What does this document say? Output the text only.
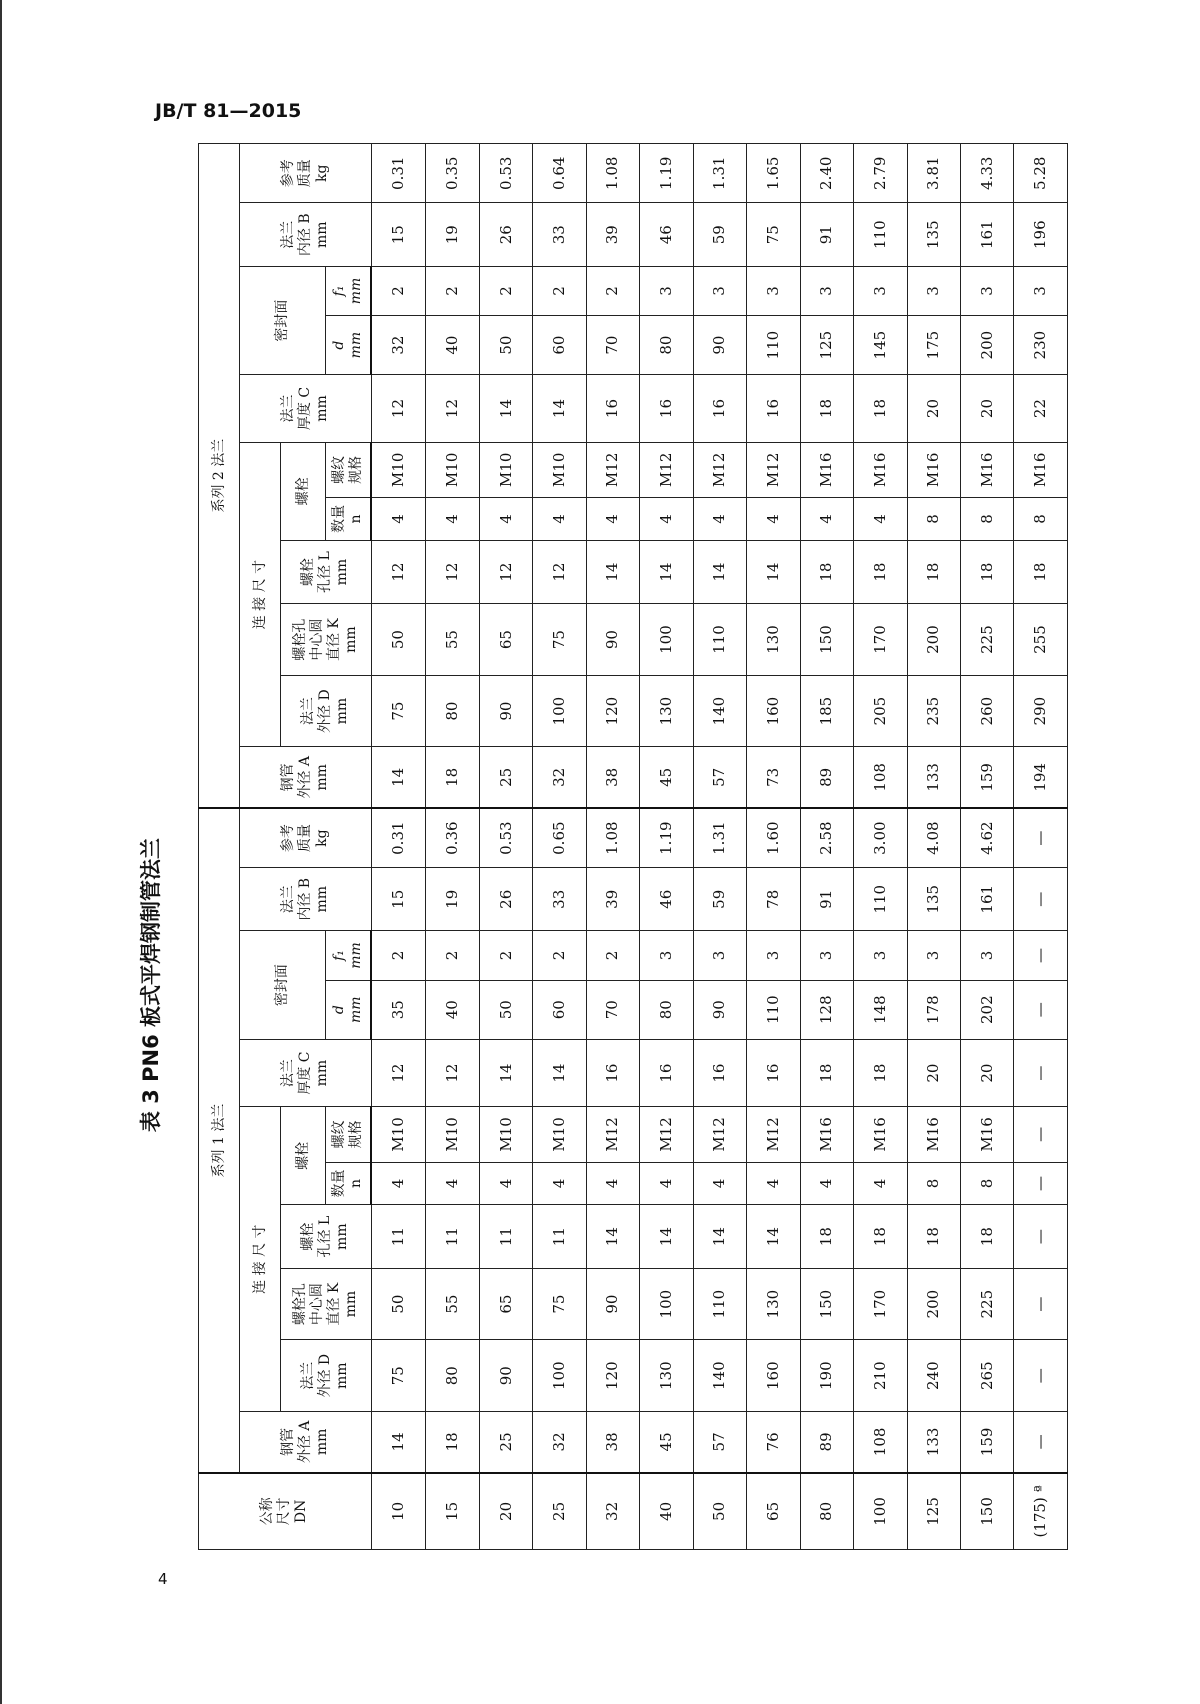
JB/T 81—2015
表 3 PN6 板式平焊钢制管法兰
公称
尺寸
DN	系列 1 法兰											系列 2 法兰										
	钢管
外径 A
mm	连 接 尺 寸					法兰
厚度 C
mm	密封面		法兰
内径 B
mm	参考
质量
kg	钢管
外径 A
mm	连 接 尺 寸					法兰
厚度 C
mm	密封面		法兰
内径 B
mm	参考
质量
kg
		法兰
外径 D
mm	螺栓孔
中心圆
直径 K
mm	螺栓
孔径 L
mm	螺栓								法兰
外径 D
mm	螺栓孔
中心圆
直径 K
mm	螺栓
孔径 L
mm	螺栓						
					数量
n	螺纹
规格		d
mm	f₁
mm							数量
n	螺纹
规格		d
mm	f₁
mm		
10	14	75	50	11	4	M10	12	35	2	15	0.31	14	75	50	12	4	M10	12	32	2	15	0.31
15	18	80	55	11	4	M10	12	40	2	19	0.36	18	80	55	12	4	M10	12	40	2	19	0.35
20	25	90	65	11	4	M10	14	50	2	26	0.53	25	90	65	12	4	M10	14	50	2	26	0.53
25	32	100	75	11	4	M10	14	60	2	33	0.65	32	100	75	12	4	M10	14	60	2	33	0.64
32	38	120	90	14	4	M12	16	70	2	39	1.08	38	120	90	14	4	M12	16	70	2	39	1.08
40	45	130	100	14	4	M12	16	80	3	46	1.19	45	130	100	14	4	M12	16	80	3	46	1.19
50	57	140	110	14	4	M12	16	90	3	59	1.31	57	140	110	14	4	M12	16	90	3	59	1.31
65	76	160	130	14	4	M12	16	110	3	78	1.60	73	160	130	14	4	M12	16	110	3	75	1.65
80	89	190	150	18	4	M16	18	128	3	91	2.58	89	185	150	18	4	M16	18	125	3	91	2.40
100	108	210	170	18	4	M16	18	148	3	110	3.00	108	205	170	18	4	M16	18	145	3	110	2.79
125	133	240	200	18	8	M16	20	178	3	135	4.08	133	235	200	18	8	M16	20	175	3	135	3.81
150	159	265	225	18	8	M16	20	202	3	161	4.62	159	260	225	18	8	M16	20	200	3	161	4.33
(175) ª	—	—	—	—	—	—	—	—	—	—	—	194	290	255	18	8	M16	22	230	3	196	5.28
4
